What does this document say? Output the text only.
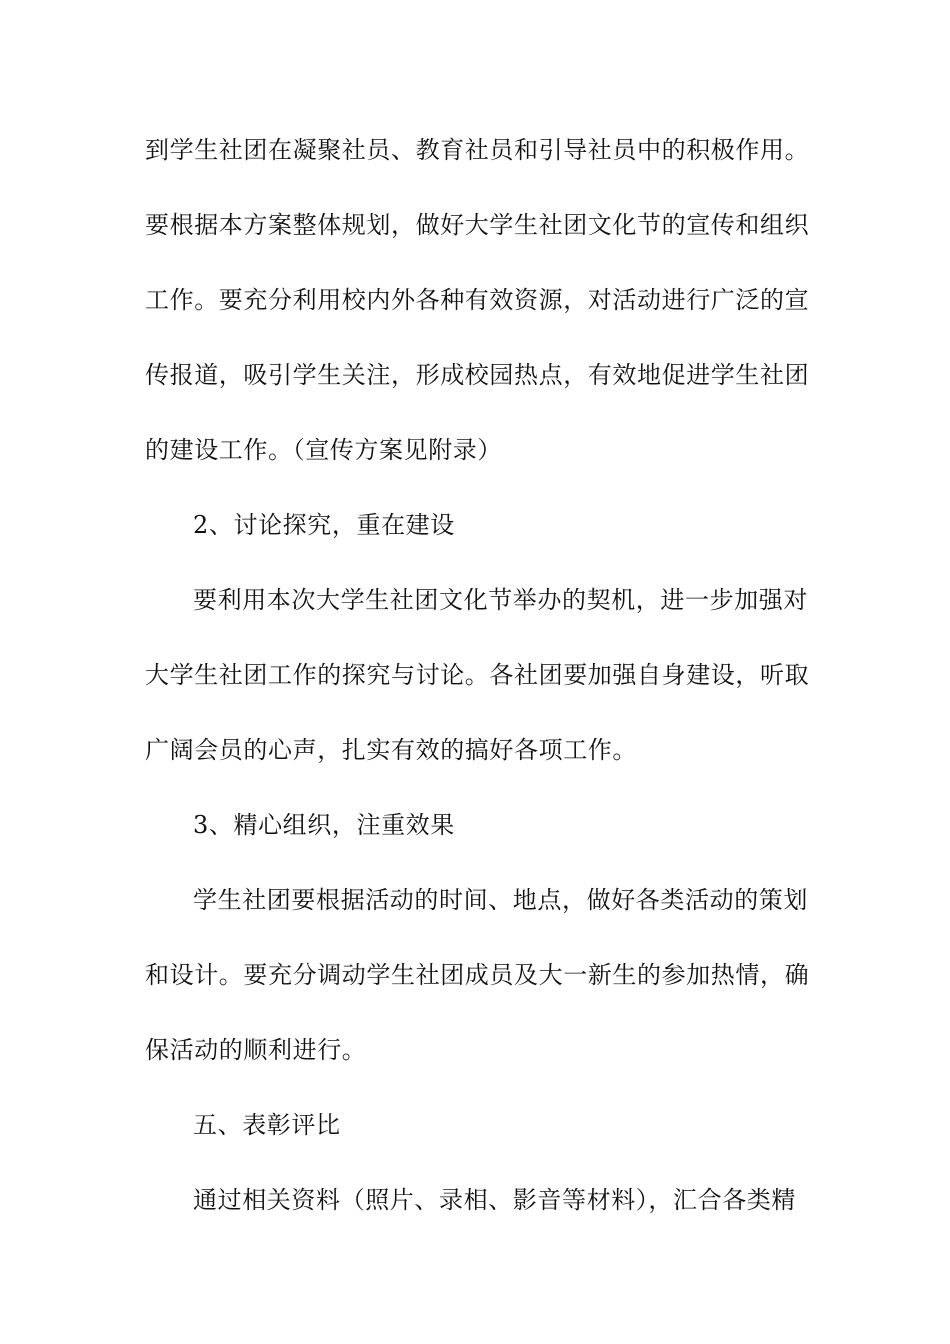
到学生社团在凝聚社员、教育社员和引导社员中的积极作用。
要根据本方案整体规划，做好大学生社团文化节的宣传和组织
工作。要充分利用校内外各种有效资源，对活动进行广泛的宣
传报道，吸引学生关注，形成校园热点，有效地促进学生社团
的建设工作。（宣传方案见附录）
2、讨论探究，重在建设
要利用本次大学生社团文化节举办的契机，进一步加强对
大学生社团工作的探究与讨论。各社团要加强自身建设，听取
广阔会员的心声，扎实有效的搞好各项工作。
3、精心组织，注重效果
学生社团要根据活动的时间、地点，做好各类活动的策划
和设计。要充分调动学生社团成员及大一新生的参加热情，确
保活动的顺利进行。
五、表彰评比
通过相关资料（照片、录相、影音等材料），汇合各类精
